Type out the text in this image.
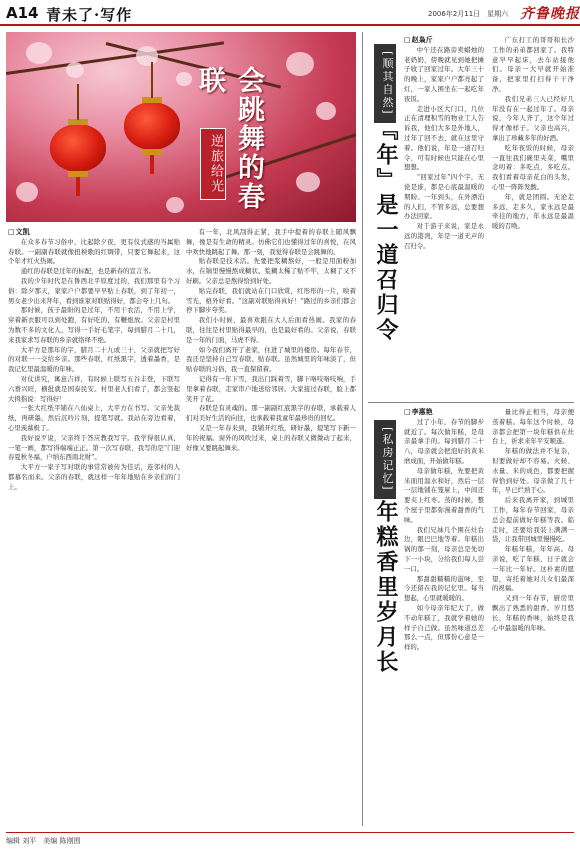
A14 青未了·写作	2006年2月11日　星期六 齐鲁晚报
会跳舞的春联
逆旅给光
□ 文凯

在众多春节习俗中，比起除夕夜，更有仪式感的当属贴春联。一副副春联就像扭秧歌的红绸带，只要它舞起来，这个年才红火热闹。

通红的春联是过年的标配，也是新春的宣言书。

我的少年时代是在鲁西北平原度过的，我们那里有个习俗：除夕那天，家家户户都要早早贴上春联，到了年初一，男女老少出来拜年，看到谁家对联贴得好，都会夸上几句。

那时候，孩子最盼的是过年，不用干农活，不用上学，穿着新衣服可以到处跑，有好吃的，有鞭炮放。父亲是村里为数不多的文化人，写得一手好毛笔字，每到腊月二十几，来我家求写春联的乡亲就络绎不绝。

大平方是那年的字，腊月二十九或三十，父亲就把写好的对联一一交给乡亲。那些春联，红纸黑字，透着墨香，是我记忆里最温暖的年味。

对仗讲究，寓意吉祥，有时候上联写五谷丰登，下联写六畜兴旺，横批就是国泰民安。村里老人们看了，都会竖起大拇指说：写得好！

一张大红纸平铺在八仙桌上，大平方在书写。父亲先裁纸，再研墨，然后沉吟片刻，提笔写就。我站在旁边看着，心里羡慕极了。

我好说歹说，父亲终于答应教我写字。我学得很认真，一笔一画，都写得端端正正。第一次写春联，我写的是“门迎春夏秋冬福，户纳东西南北财”。

大平方一家子写对联的事常常被传为佳话，连邻村的人都慕名而来。父亲的春联，就这样一年年地贴在乡亲们的门上。

有一年，北风刮得正紧，我手中提着的春联上随风飘舞，像是有生命的精灵。仿佛它们也懂得过年的喜悦，在风中欢快地跳起了舞。那一刻，我觉得春联是会跳舞的。

贴春联是技术活。先要把浆糊熬好，一般是用面粉加水，在锅里慢慢熬成糊状。浆糊太稀了贴不牢，太稠了又不好刷。父亲总是熬得恰到好处。

贴完春联，我们就站在门口欣赏，红彤彤的一片，映着雪光，格外好看。“这副对联贴得真好！”路过的乡亲们都会停下脚步夸奖。

我们小时候，最喜欢跟在大人后面看热闹。我家的春联，往往是村里贴得最早的，也是最好看的。父亲说，春联是一年的门面，马虎不得。

如今我们离开了老家，住进了城里的楼房。每年春节，我还是坚持自己写春联、贴春联。虽然城里的年味淡了，但贴春联的习俗，我一直保留着。

记得有一年下雪，我出门踩着雪，脚下咯吱咯吱响，手里拿着春联，走家串户地送给邻居。大家接过春联，脸上都笑开了花。

春联是有灵魂的。那一副副红底黑字的春联，承载着人们对美好生活的向往，也承载着我童年最珍贵的回忆。

又是一年春来到，我铺开红纸，研好墨，提笔写下新一年的祝福。窗外的风吹过来，桌上的春联又微微动了起来，好像又要跳起舞来。

[顺其自然]
『年』是一道召归令
□ 赵枭斤

中午还在路旁卖蜡烛的老奶奶，傍晚就见到她把摊子收了回家过年。大年三十的晚上，家家户户都亮起了灯，一家人围坐在一起吃年夜饭。

走进小区大门口，几位正在清理积雪的物业工人告诉我，他们大多是外地人，过年了回不去，就在这里守着。他们说，年是一道召归令，可有时候也只能在心里想想。

“回家过年”四个字，无论是谁，都是心底最温暖的期盼。一年到头，在外漂泊的人们，不管多远，总要想办法回家。

对于游子来说，家是永远的港湾，年是一道无声的召归令。

广东打工的哥哥和长沙工作的弟弟都回家了。我特意早早起床，去车站接他们。母亲一大早就开始准备，把家里打扫得干干净净。

我们兄弟三人已经好几年没有在一起过年了。母亲说，今年人齐了，这个年过得才像样子。父亲也高兴，拿出了珍藏多年的好酒。

吃年夜饭的时候，母亲一直往我们碗里夹菜，嘴里念叨着：多吃点，多吃点。我们看着母亲花白的头发，心里一阵阵发酸。

年，就是团圆。无论走多远，走多久，家永远是最牵挂的地方，年永远是最温暖的召唤。

[私房记忆]
年糕香里岁月长
□ 李惠艳

过了小年，春节的脚步就近了。每次做年糕，是母亲最拿手的。每到腊月二十八，母亲就会把泡好的黄米磨成面，开始做年糕。

母亲做年糕，先要把黄米面用温水和好，然后一层一层地铺在笼屉上，中间还要夹上红枣。蒸的时候，整个屋子里都弥漫着甜香的气味。

我们兄妹几个围在灶台边，眼巴巴地等着。年糕出锅的那一刻，母亲总是先切下一小块，分给我们每人尝一口。

那甜甜糯糯的滋味，至今还留在我的记忆里。每当想起，心里就暖暖的。

如今母亲年纪大了，做不动年糕了，我就学着她的样子自己做。虽然味道总差那么一点，但那份心意是一样的。

量比得正相当，母亲便蒸着糕。每年这个时候，母亲都会把第一块年糕供在灶台上，祈求来年平安顺遂。

年糕的做法并不复杂，但要做好却不容易。火候、水量、米的成色，都要把握得恰到好处。母亲做了几十年，早已烂熟于心。

后来我离开家，到城里工作，每年春节回家，母亲总会提前做好年糕等我。临走时，还要给我装上满满一袋，让我带回城里慢慢吃。

年糕年糕，年年高。母亲说，吃了年糕，日子就会一年比一年好。这朴素的愿望，寄托着她对儿女们最深的祝福。

又到一年春节，厨房里飘出了熟悉的甜香。岁月悠长，年糕的香味，始终是我心中最温暖的年味。

编辑 刘平　美编 陈刚围
